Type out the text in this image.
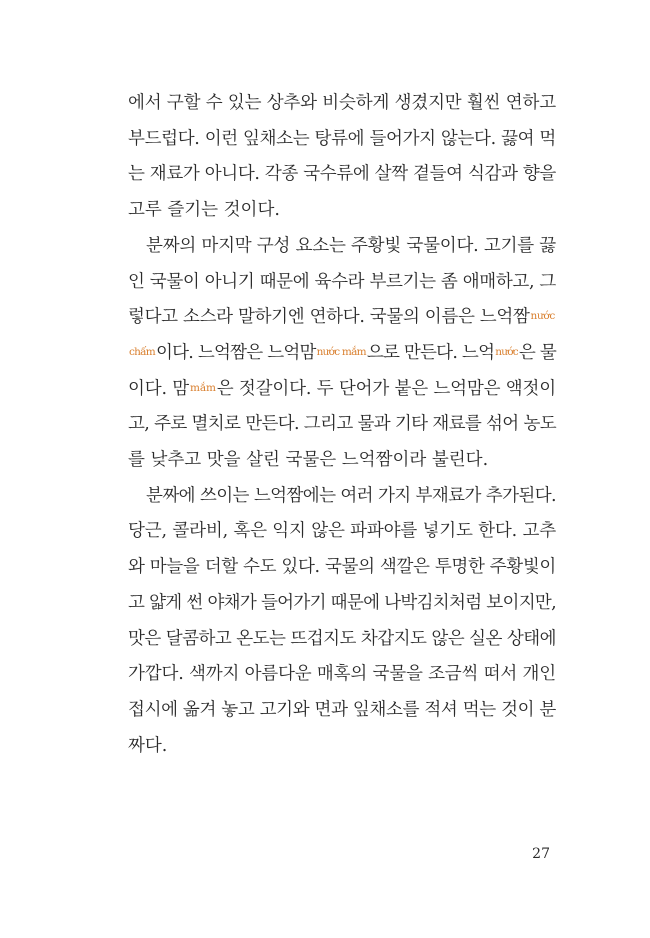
에서 구할 수 있는 상추와 비슷하게 생겼지만 훨씬 연하고
부드럽다. 이런 잎채소는 탕류에 들어가지 않는다. 끓여 먹
는 재료가 아니다. 각종 국수류에 살짝 곁들여 식감과 향을
고루 즐기는 것이다.
분짜의 마지막 구성 요소는 주황빛 국물이다. 고기를 끓
인 국물이 아니기 때문에 육수라 부르기는 좀 애매하고, 그
렇다고 소스라 말하기엔 연하다. 국물의 이름은 느억짬nước
chấm이다. 느억짬은 느억맘nước mắm으로 만든다. 느억nước은 물
이다. 맘mắm은 젓갈이다. 두 단어가 붙은 느억맘은 액젓이
고, 주로 멸치로 만든다. 그리고 물과 기타 재료를 섞어 농도
를 낮추고 맛을 살린 국물은 느억짬이라 불린다.
분짜에 쓰이는 느억짬에는 여러 가지 부재료가 추가된다.
당근, 콜라비, 혹은 익지 않은 파파야를 넣기도 한다. 고추
와 마늘을 더할 수도 있다. 국물의 색깔은 투명한 주황빛이
고 얇게 썬 야채가 들어가기 때문에 나박김치처럼 보이지만,
맛은 달콤하고 온도는 뜨겁지도 차갑지도 않은 실온 상태에
가깝다. 색까지 아름다운 매혹의 국물을 조금씩 떠서 개인
접시에 옮겨 놓고 고기와 면과 잎채소를 적셔 먹는 것이 분
짜다.
27
